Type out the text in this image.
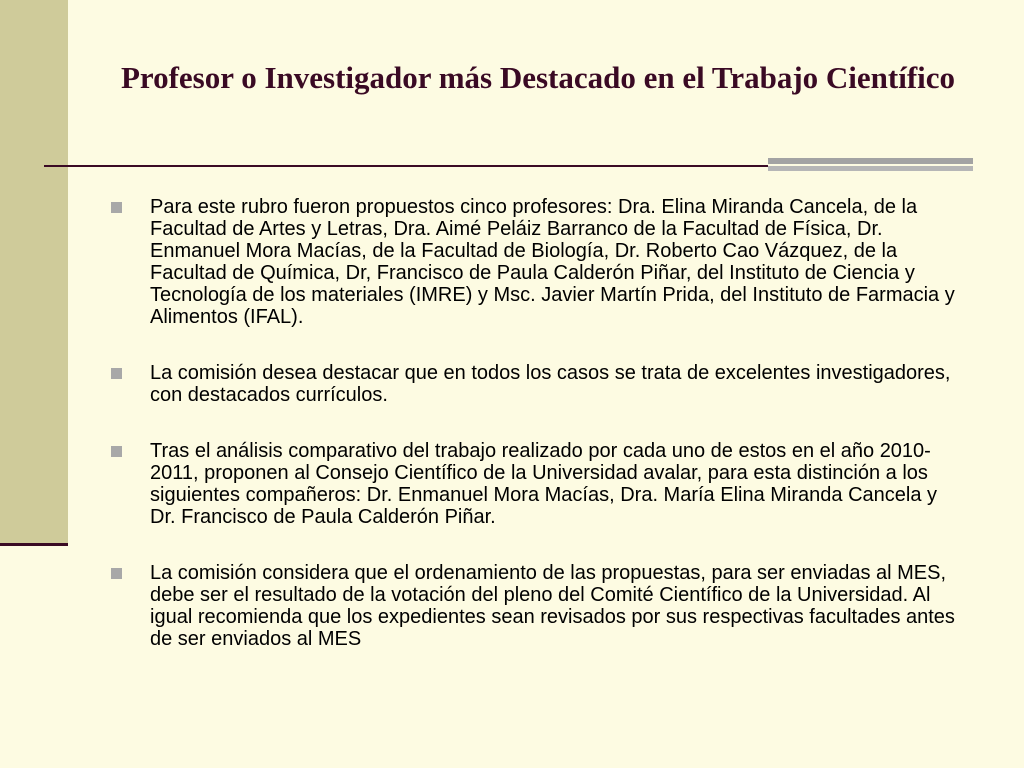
Profesor o Investigador más Destacado en el Trabajo Científico
Para este rubro fueron propuestos cinco profesores: Dra. Elina Miranda Cancela, de la Facultad de Artes y Letras, Dra. Aimé Peláiz Barranco de la Facultad de Física, Dr. Enmanuel Mora Macías, de la Facultad de Biología, Dr. Roberto Cao Vázquez, de la Facultad de Química, Dr, Francisco de Paula Calderón Piñar, del Instituto de Ciencia y Tecnología de los materiales (IMRE) y Msc. Javier Martín Prida, del Instituto de Farmacia y Alimentos (IFAL).
La comisión desea destacar que en todos los casos se trata de excelentes investigadores, con destacados currículos.
Tras el análisis comparativo del trabajo realizado por cada uno de estos en el año 2010-2011, proponen al Consejo Científico de la Universidad avalar, para esta distinción a los siguientes compañeros: Dr. Enmanuel Mora Macías, Dra. María Elina Miranda Cancela y Dr. Francisco de Paula Calderón Piñar.
La comisión considera que el ordenamiento de las propuestas, para ser enviadas al MES, debe ser el resultado de la votación del pleno del Comité Científico de la Universidad. Al igual recomienda que los expedientes sean revisados por sus respectivas facultades antes de ser enviados al MES
